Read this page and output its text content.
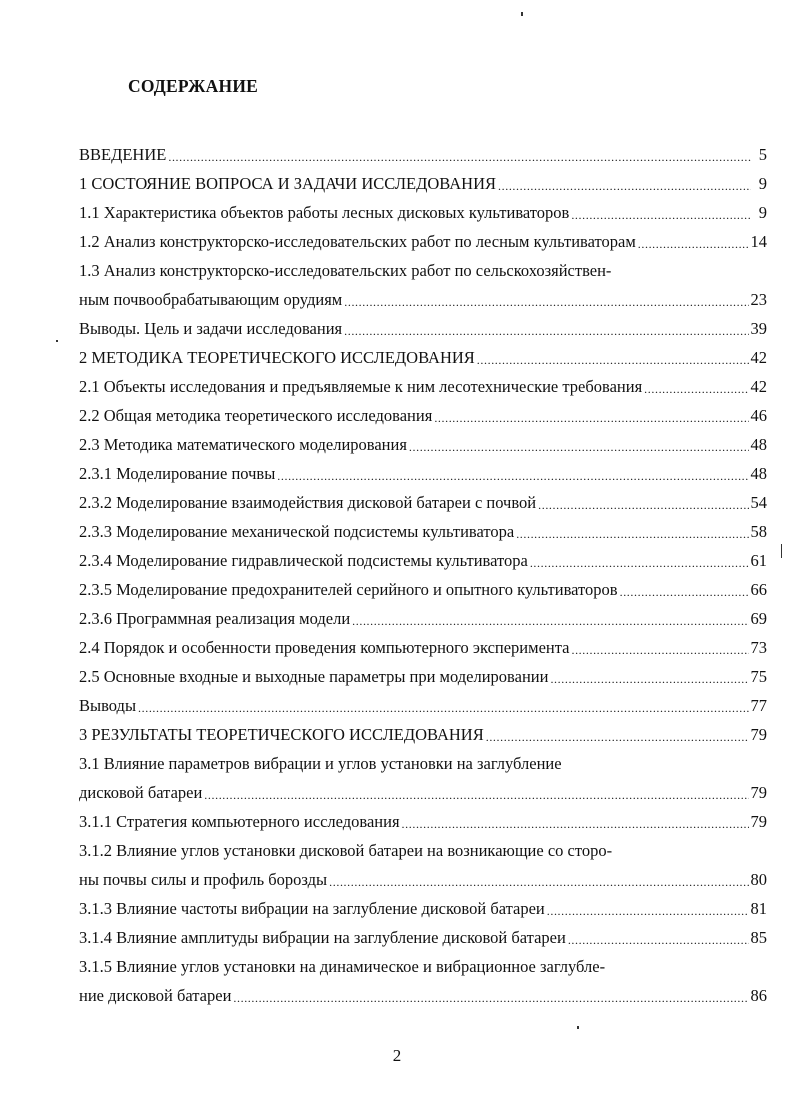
СОДЕРЖАНИЕ
ВВЕДЕНИЕ .....	5
1 СОСТОЯНИЕ ВОПРОСА И ЗАДАЧИ ИССЛЕДОВАНИЯ .....	9
1.1 Характеристика объектов работы лесных дисковых культиваторов .....	9
1.2 Анализ конструкторско-исследовательских работ по лесным культиваторам .....	14
1.3 Анализ конструкторско-исследовательских работ по сельскохозяйствен-
ным почвообрабатывающим орудиям .....	23
Выводы. Цель и задачи исследования .....	39
2 МЕТОДИКА ТЕОРЕТИЧЕСКОГО ИССЛЕДОВАНИЯ .....	42
2.1 Объекты исследования и предъявляемые к ним лесотехнические требования .....	42
2.2 Общая методика теоретического исследования .....	46
2.3 Методика математического моделирования .....	48
2.3.1 Моделирование почвы .....	48
2.3.2 Моделирование взаимодействия дисковой батареи с почвой .....	54
2.3.3 Моделирование механической подсистемы культиватора .....	58
2.3.4 Моделирование гидравлической подсистемы культиватора .....	61
2.3.5 Моделирование предохранителей серийного и опытного культиваторов .....	66
2.3.6 Программная реализация модели .....	69
2.4 Порядок и особенности проведения компьютерного эксперимента .....	73
2.5 Основные входные и выходные параметры при моделировании .....	75
Выводы .....	77
3 РЕЗУЛЬТАТЫ ТЕОРЕТИЧЕСКОГО ИССЛЕДОВАНИЯ .....	79
3.1 Влияние параметров вибрации и углов установки на заглубление
дисковой батареи .....	79
3.1.1 Стратегия компьютерного исследования .....	79
3.1.2 Влияние углов установки дисковой батареи на возникающие со сторо-
ны почвы силы и профиль борозды .....	80
3.1.3 Влияние частоты вибрации на заглубление дисковой батареи .....	81
3.1.4 Влияние амплитуды вибрации на заглубление дисковой батареи .....	85
3.1.5 Влияние углов установки на динамическое и вибрационное заглубле-
ние дисковой батареи .....	86
2
